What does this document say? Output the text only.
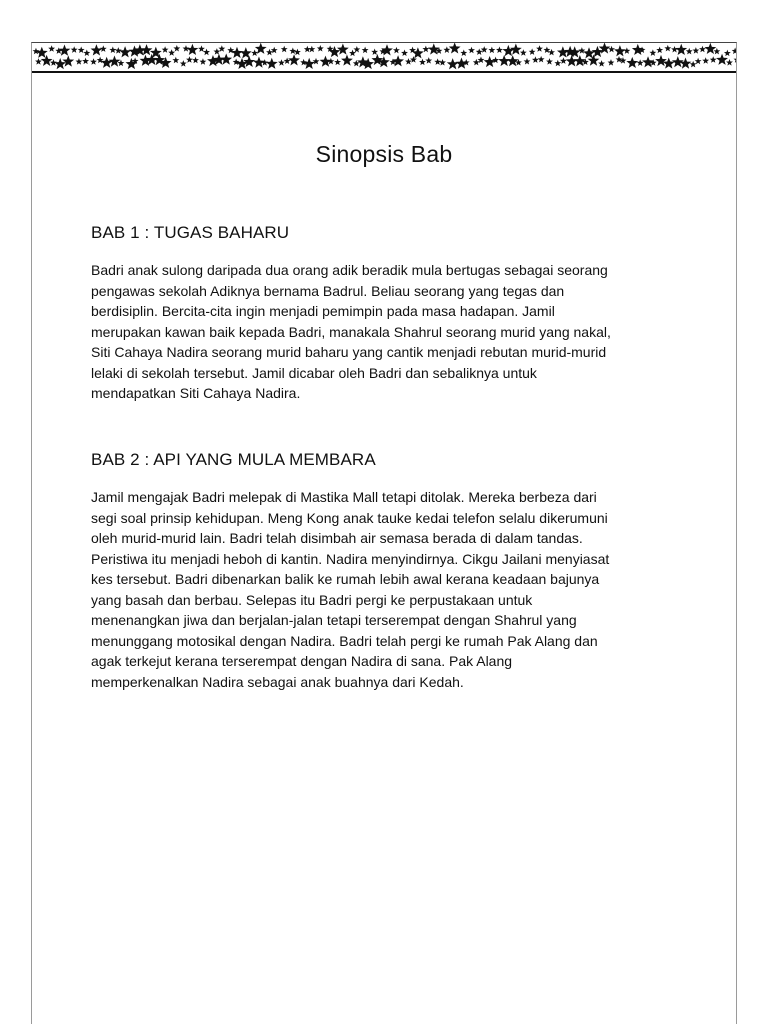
Sinopsis Bab
BAB 1 : TUGAS BAHARU

Badri anak sulong daripada dua orang adik beradik mula bertugas sebagai seorang
pengawas sekolah Adiknya bernama Badrul. Beliau seorang yang tegas dan
berdisiplin. Bercita-cita ingin menjadi pemimpin pada masa hadapan. Jamil
merupakan kawan baik kepada Badri, manakala Shahrul seorang murid yang nakal,
Siti Cahaya Nadira seorang murid baharu yang cantik menjadi rebutan murid-murid
lelaki di sekolah tersebut. Jamil dicabar oleh Badri dan sebaliknya untuk
mendapatkan Siti Cahaya Nadira.

BAB 2 : API YANG MULA MEMBARA

Jamil mengajak Badri melepak di Mastika Mall tetapi ditolak. Mereka berbeza dari
segi soal prinsip kehidupan. Meng Kong anak tauke kedai telefon selalu dikerumuni
oleh murid-murid lain. Badri telah disimbah air semasa berada di dalam tandas.
Peristiwa itu menjadi heboh di kantin. Nadira menyindirnya. Cikgu Jailani menyiasat
kes tersebut. Badri dibenarkan balik ke rumah lebih awal kerana keadaan bajunya
yang basah dan berbau. Selepas itu Badri pergi ke perpustakaan untuk
menenangkan jiwa dan berjalan-jalan tetapi terserempat dengan Shahrul yang
menunggang motosikal dengan Nadira. Badri telah pergi ke rumah Pak Alang dan
agak terkejut kerana terserempat dengan Nadira di sana. Pak Alang
memperkenalkan Nadira sebagai anak buahnya dari Kedah.
